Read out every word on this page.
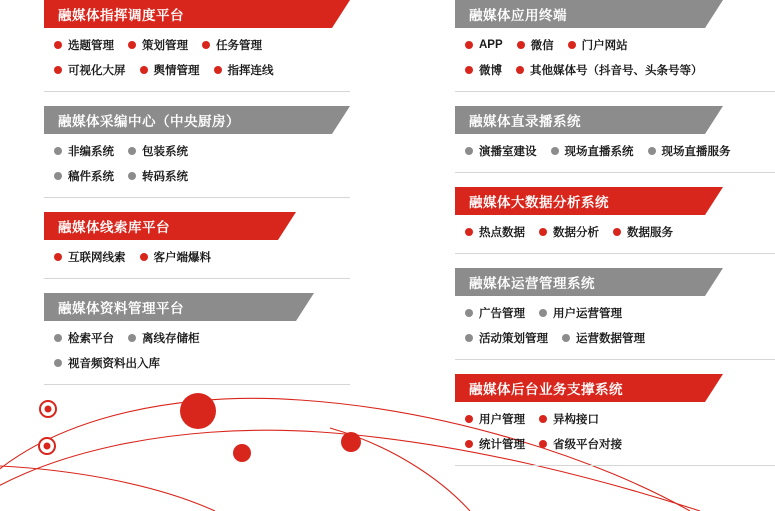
融媒体指挥调度平台
选题管理 策划管理 任务管理
可视化大屏 舆情管理 指挥连线
融媒体采编中心（中央厨房）
非编系统 包装系统
稿件系统 转码系统
融媒体线索库平台
互联网线索 客户端爆料
融媒体资料管理平台
检索平台 离线存储柜
视音频资料出入库
融媒体应用终端
APP 微信 门户网站
微博 其他媒体号（抖音号、头条号等）
融媒体直录播系统
演播室建设 现场直播系统 现场直播服务
融媒体大数据分析系统
热点数据 数据分析 数据服务
融媒体运营管理系统
广告管理 用户运营管理
活动策划管理 运营数据管理
融媒体后台业务支撑系统
用户管理 异构接口
统计管理 省级平台对接
